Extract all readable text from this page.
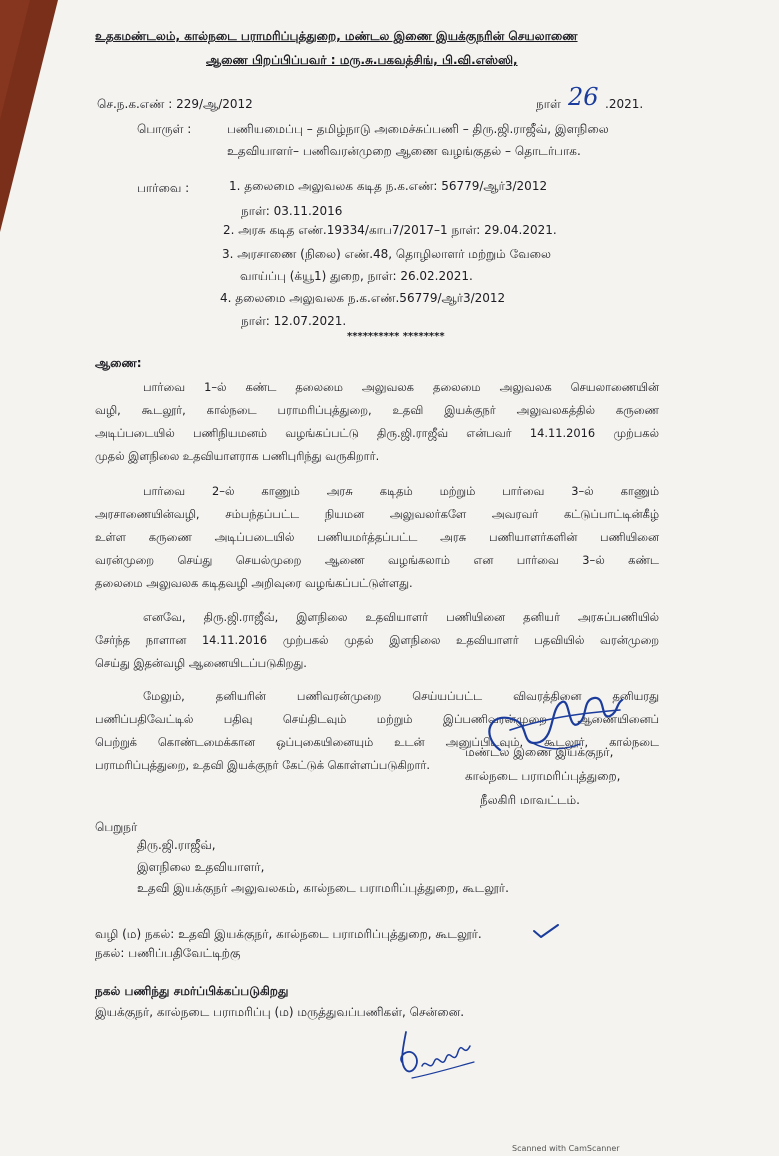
உதகமண்டலம், கால்நடை பராமரிப்புத்துறை, மண்டல இணை இயக்குநரின் செயலாணை
ஆணை பிறப்பிப்பவர் : மரு.சு.பகவத்சிங், பி.வி.எஸ்ஸி,
செ.ந.க.எண் : 229/ஆ/2012	நாள் 26 .2021.
பொருள் :	பணியமைப்பு – தமிழ்நாடு அமைச்சுப்பணி – திரு.ஜி.ராஜீவ், இளநிலை
உதவியாளர்– பணிவரன்முறை ஆணை வழங்குதல் – தொடர்பாக.
பார்வை :	1. தலைமை அலுவலக கடித ந.க.எண்: 56779/ஆர்3/2012
நாள்: 03.11.2016
2. அரசு கடித எண்.19334/காப7/2017–1 நாள்: 29.04.2021.
3. அரசாணை (நிலை) எண்.48, தொழிலாளர் மற்றும் வேலை
வாய்ப்பு (க்யூ1) துறை, நாள்: 26.02.2021.
4. தலைமை அலுவலக ந.க.எண்.56779/ஆர்3/2012
நாள்: 12.07.2021.
********** ********
ஆணை:
பார்வை 1–ல் கண்ட தலைமை அலுவலக தலைமை அலுவலக செயலாணையின்
வழி, கூடலூர், கால்நடை பராமரிப்புத்துறை, உதவி இயக்குநர் அலுவலகத்தில் கருணை
அடிப்படையில் பணிநியமனம் வழங்கப்பட்டு திரு.ஜி.ராஜீவ் என்பவர் 14.11.2016 முற்பகல்
முதல் இளநிலை உதவியாளராக பணிபுரிந்து வருகிறார்.
பார்வை 2–ல் காணும் அரசு கடிதம் மற்றும் பார்வை 3–ல் காணும்
அரசாணையின்வழி, சம்பந்தப்பட்ட நியமன அலுவலர்களே அவரவர் கட்டுப்பாட்டின்கீழ்
உள்ள கருணை அடிப்படையில் பணியமர்த்தப்பட்ட அரசு பணியாளர்களின் பணியினை
வரன்முறை செய்து செயல்முறை ஆணை வழங்கலாம் என பார்வை 3–ல் கண்ட
தலைமை அலுவலக கடிதவழி அறிவுரை வழங்கப்பட்டுள்ளது.
எனவே, திரு.ஜி.ராஜீவ், இளநிலை உதவியாளர் பணியினை தனியர் அரசுப்பணியில்
சேர்ந்த நாளான 14.11.2016 முற்பகல் முதல் இளநிலை உதவியாளர் பதவியில் வரன்முறை
செய்து இதன்வழி ஆணையிடப்படுகிறது.
மேலும், தனியரின் பணிவரன்முறை செய்யப்பட்ட விவரத்தினை தனியரது
பணிப்பதிவேட்டில் பதிவு செய்திடவும் மற்றும் இப்பணிவரன்முறை ஆணையினைப்
பெற்றுக் கொண்டமைக்கான ஒப்புகையினையும் உடன் அனுப்பிடவும், கூடலூர், கால்நடை
பராமரிப்புத்துறை, உதவி இயக்குநர் கேட்டுக் கொள்ளப்படுகிறார்.
மண்டல இணை இயக்குநர்,
கால்நடை பராமரிப்புத்துறை,
நீலகிரி மாவட்டம்.
பெறுநர்
திரு.ஜி.ராஜீவ்,
இளநிலை உதவியாளர்,
உதவி இயக்குநர் அலுவலகம், கால்நடை பராமரிப்புத்துறை, கூடலூர்.
வழி (ம) நகல்: உதவி இயக்குநர், கால்நடை பராமரிப்புத்துறை, கூடலூர்.
நகல்: பணிப்பதிவேட்டிற்கு
நகல் பணிந்து சமர்ப்பிக்கப்படுகிறது
இயக்குநர், கால்நடை பராமரிப்பு (ம) மருத்துவப்பணிகள், சென்னை.
Scanned with CamScanner
